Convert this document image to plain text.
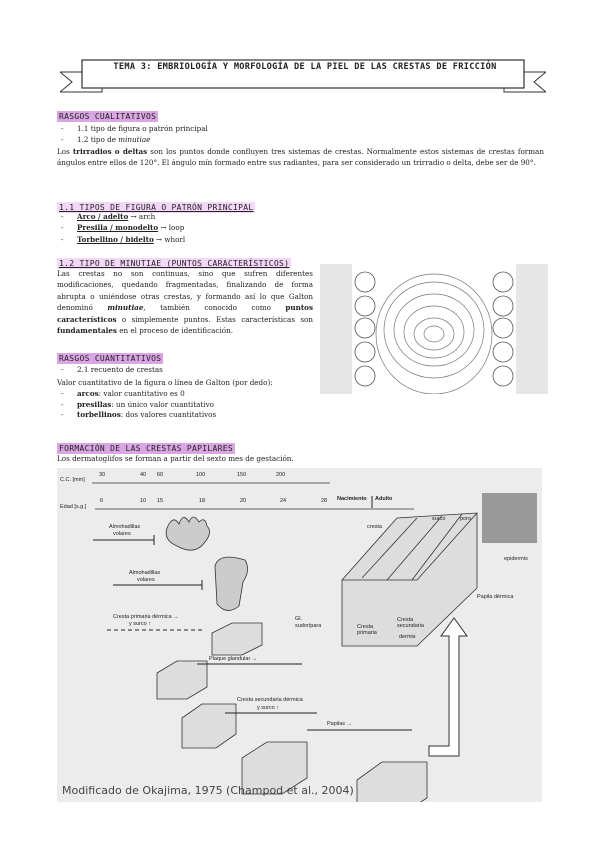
TEMA 3: EMBRIOLOGÍA Y MORFOLOGÍA DE LA PIEL DE LAS CRESTAS DE FRICCIÓN
RASGOS CUALITATIVOS
- 1.1 tipo de figura o patrón principal
- 1.2 tipo de minutiae

Los trirradios o deltas son los puntos donde confluyen tres sistemas de crestas. Normalmente estos sistemas de crestas forman ángulos entre ellos de 120°. El ángulo mín formado entre sus radiantes, para ser considerado un trirradio o delta, debe ser de 90°.

1.1 TIPOS DE FIGURA O PATRÓN PRINCIPAL
- Arco / adelto → arch
- Presilla / monodelto → loop
- Torbellino / bidelto → whorl
1.2 TIPO DE MINUTIAE (PUNTOS CARACTERÍSTICOS)

Las crestas no son continuas, sino que sufren diferentes modificaciones, quedando fragmentadas, finalizando de forma abrupta o uniéndose otras crestas, y formando así lo que Galton denominó minutiae, también conocido como puntos característicos o simplemente puntos. Estas características son fundamentales en el proceso de identificación.

RASGOS CUANTITATIVOS
- 2.1 recuento de crestas
Valor cuantitativo de la figura o línea de Galton (por dedo):
- arcos: valor cuantitativo es 0
- presillas: un único valor cuantitativo
- torbellinos: dos valores cuantitativos
FORMACIÓN DE LAS CRESTAS PAPILARES
Los dermatoglifos se forman a partir del sexto mes de gestación.
C.C. [mm]
30	40 60	100	150	200
Edad [s.g.]
6	10 15	18	20	24	28 Nacimiento Adulto
Almohadillas
volares
Almohadillas
volares
Cresta primaria dérmica →
y surco ↑
Plaque glandular →
Cresta secundaria dérmica
y surco ↑
Papilas →
cresta
surco	poro
epidermis
Papila dérmica
Gl.
sudorípara	Cresta
primaria
Cresta
secundaria
dermis
Modificado de Okajima, 1975 (Champod et al., 2004)
